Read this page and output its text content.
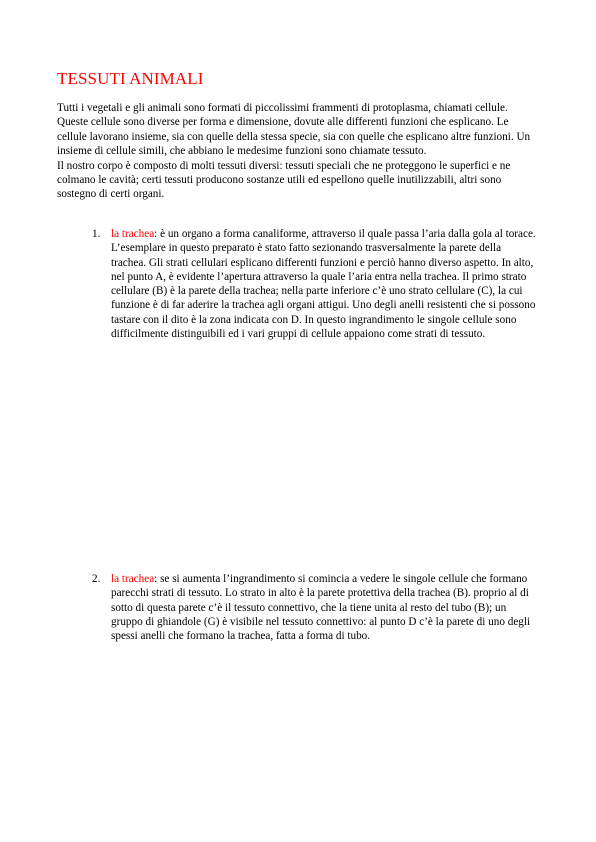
TESSUTI ANIMALI

Tutti i vegetali e gli animali sono formati di piccolissimi frammenti di protoplasma, chiamati cellule. Queste cellule sono diverse per forma e dimensione, dovute alle differenti funzioni che esplicano. Le cellule lavorano insieme, sia con quelle della stessa specie, sia con quelle che esplicano altre funzioni. Un insieme di cellule simili, che abbiano le medesime funzioni sono chiamate tessuto.

Il nostro corpo è composto di molti tessuti diversi: tessuti speciali che ne proteggono le superfici e ne colmano le cavità; certi tessuti producono sostanze utili ed espellono quelle inutilizzabili, altri sono sostegno di certi organi.

1. la trachea: è un organo a forma canaliforme, attraverso il quale passa l’aria dalla gola al torace. L’esemplare in questo preparato è stato fatto sezionando trasversalmente la parete della trachea. Gli strati cellulari esplicano differenti funzioni e perciò hanno diverso aspetto. In alto, nel punto A, è evidente l’apertura attraverso la quale l’aria entra nella trachea. Il primo strato cellulare (B) è la parete della trachea; nella parte inferiore c’è uno strato cellulare (C), la cui funzione è di far aderire la trachea agli organi attigui. Uno degli anelli resistenti che si possono tastare con il dito è la zona indicata con D. In questo ingrandimento le singole cellule sono difficilmente distinguibili ed i vari gruppi di cellule appaiono come strati di tessuto.
2. la trachea: se si aumenta l’ingrandimento si comincia a vedere le singole cellule che formano parecchi strati di tessuto. Lo strato in alto è la parete protettiva della trachea (B). proprio al di sotto di questa parete c’è il tessuto connettivo, che la tiene unita al resto del tubo (B); un gruppo di ghiandole (G) è visibile nel tessuto connettivo: al punto D c’è la parete di uno degli spessi anelli che formano la trachea, fatta a forma di tubo.
